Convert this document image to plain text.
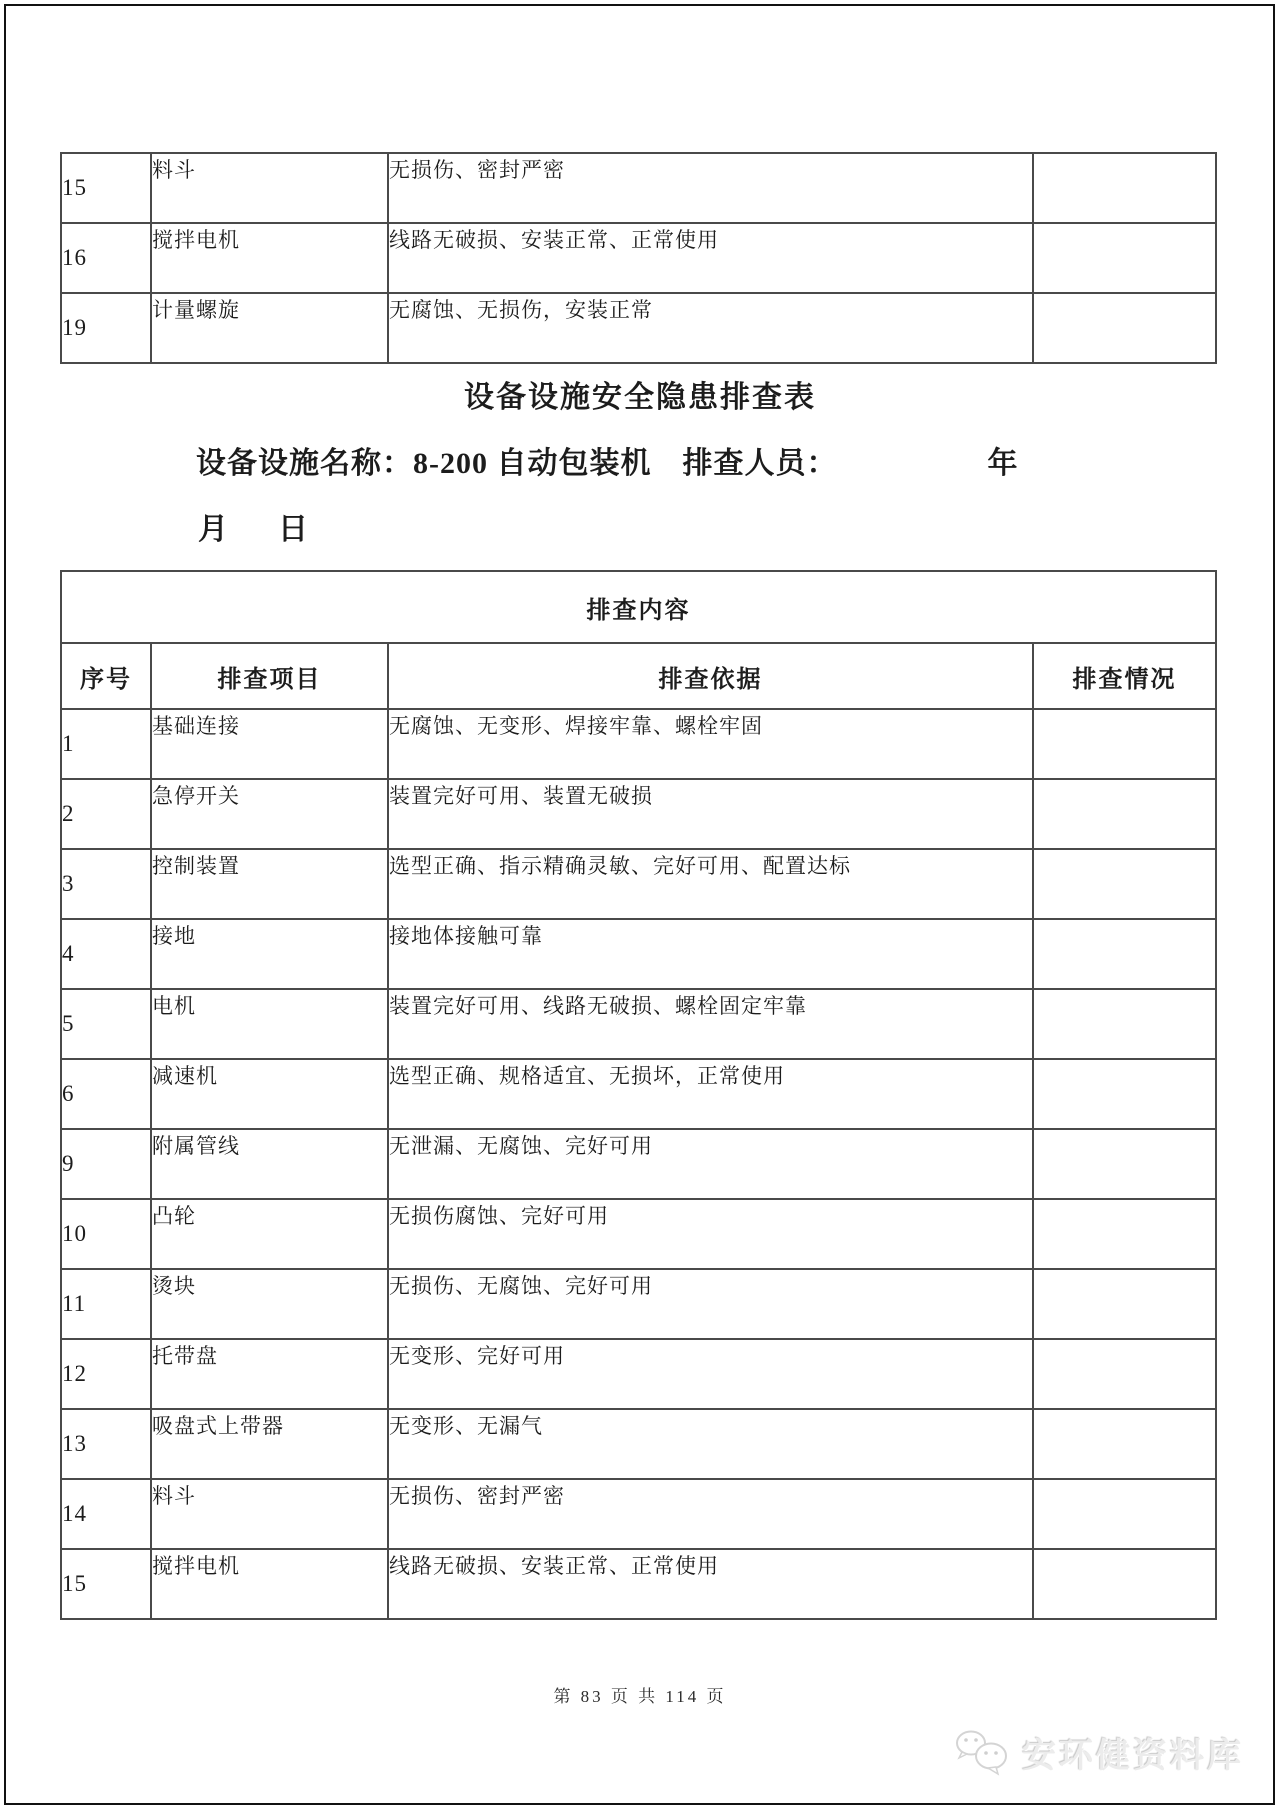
15	料斗	无损伤、密封严密	
16	搅拌电机	线路无破损、安装正常、正常使用	
19	计量螺旋	无腐蚀、无损伤，安装正常	
设备设施安全隐患排查表
设备设施名称：8-200 自动包装机　排查人员：	年
月　日
排查内容			
序号	排查项目	排查依据	排查情况
1	基础连接	无腐蚀、无变形、焊接牢靠、螺栓牢固	
2	急停开关	装置完好可用、装置无破损	
3	控制装置	选型正确、指示精确灵敏、完好可用、配置达标	
4	接地	接地体接触可靠	
5	电机	装置完好可用、线路无破损、螺栓固定牢靠	
6	减速机	选型正确、规格适宜、无损坏，正常使用	
9	附属管线	无泄漏、无腐蚀、完好可用	
10	凸轮	无损伤腐蚀、完好可用	
11	烫块	无损伤、无腐蚀、完好可用	
12	托带盘	无变形、完好可用	
13	吸盘式上带器	无变形、无漏气	
14	料斗	无损伤、密封严密	
15	搅拌电机	线路无破损、安装正常、正常使用	
第 83 页 共 114 页
安环健资料库
